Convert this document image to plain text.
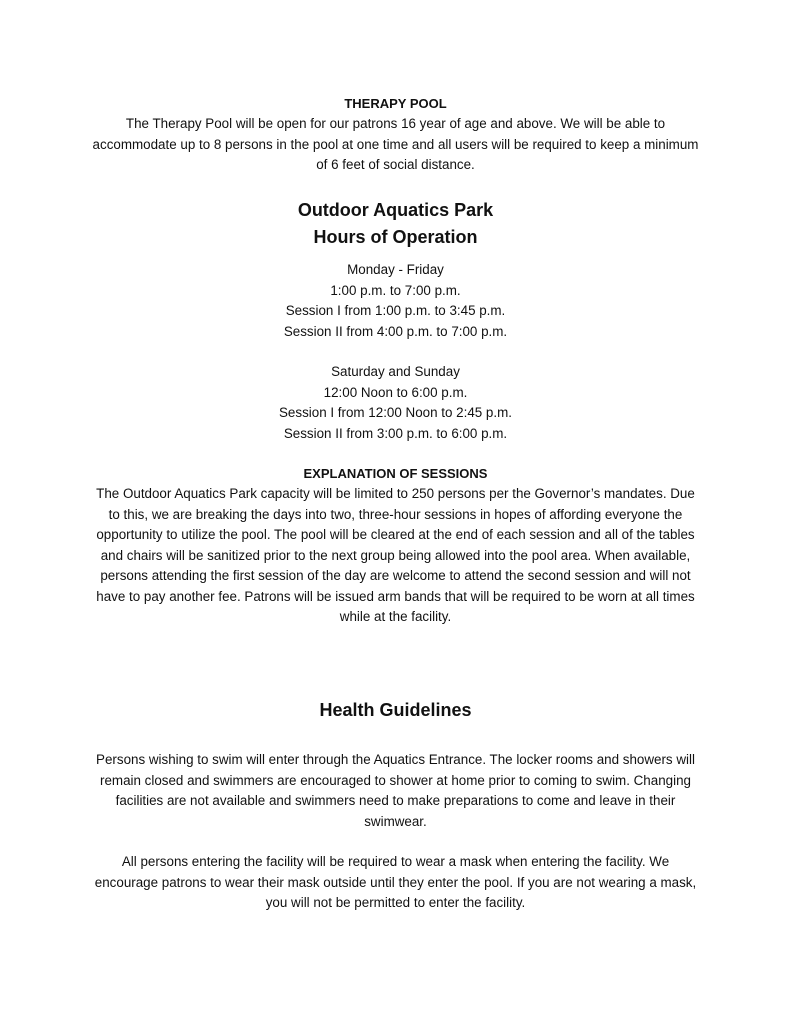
THERAPY POOL

The Therapy Pool will be open for our patrons 16 year of age and above. We will be able to accommodate up to 8 persons in the pool at one time and all users will be required to keep a minimum of 6 feet of social distance.

Outdoor Aquatics Park

Hours of Operation

Monday - Friday

1:00 p.m. to 7:00 p.m.

Session I from 1:00 p.m. to 3:45 p.m.

Session II from 4:00 p.m. to 7:00 p.m.

Saturday and Sunday

12:00 Noon to 6:00 p.m.

Session I from 12:00 Noon to 2:45 p.m.

Session II from 3:00 p.m. to 6:00 p.m.

EXPLANATION OF SESSIONS

The Outdoor Aquatics Park capacity will be limited to 250 persons per the Governor’s mandates. Due to this, we are breaking the days into two, three-hour sessions in hopes of affording everyone the opportunity to utilize the pool. The pool will be cleared at the end of each session and all of the tables and chairs will be sanitized prior to the next group being allowed into the pool area. When available, persons attending the first session of the day are welcome to attend the second session and will not have to pay another fee. Patrons will be issued arm bands that will be required to be worn at all times while at the facility.

Health Guidelines

Persons wishing to swim will enter through the Aquatics Entrance. The locker rooms and showers will remain closed and swimmers are encouraged to shower at home prior to coming to swim. Changing facilities are not available and swimmers need to make preparations to come and leave in their swimwear.

All persons entering the facility will be required to wear a mask when entering the facility. We encourage patrons to wear their mask outside until they enter the pool. If you are not wearing a mask, you will not be permitted to enter the facility.
